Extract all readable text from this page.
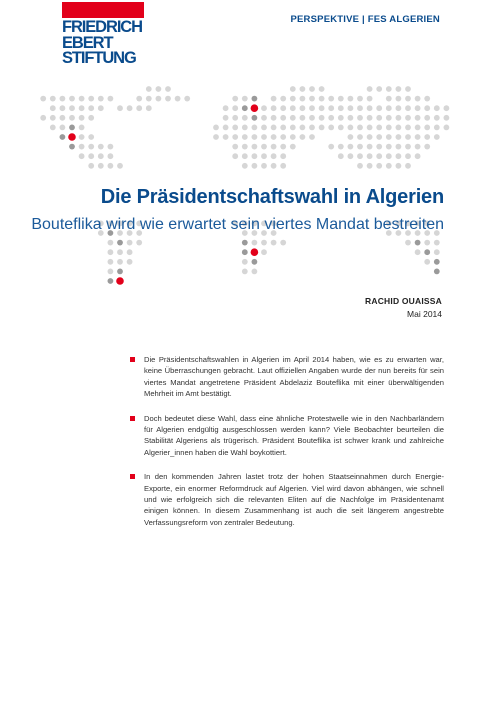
FRIEDRICH
EBERT
STIFTUNG
PERSPEKTIVE | FES ALGERIEN
Die Präsidentschaftswahl in Algerien
Bouteflika wird wie erwartet sein viertes Mandat bestreiten
RACHID OUAISSA
Mai 2014

Die Präsidentschaftswahlen in Algerien im April 2014 haben, wie es zu erwarten war, keine Überraschungen gebracht. Laut offiziellen Angaben wurde der nun bereits für sein viertes Mandat angetretene Präsident Abdelaziz Bouteflika mit einer überwältigenden Mehrheit im Amt bestätigt.

Doch bedeutet diese Wahl, dass eine ähnliche Protestwelle wie in den Nachbarländern für Algerien endgültig ausgeschlossen werden kann? Viele Beobachter beurteilen die Stabilität Algeriens als trügerisch. Präsident Bouteflika ist schwer krank und zahlreiche Algerier_innen haben die Wahl boykottiert.

In den kommenden Jahren lastet trotz der hohen Staatseinnahmen durch Energie-Exporte, ein enormer Reformdruck auf Algerien. Viel wird davon abhängen, wie schnell und wie erfolgreich sich die relevanten Eliten auf die Nachfolge im Präsidentenamt einigen können. In diesem Zusammenhang ist auch die seit längerem angestrebte Verfassungsreform von zentraler Bedeutung.
